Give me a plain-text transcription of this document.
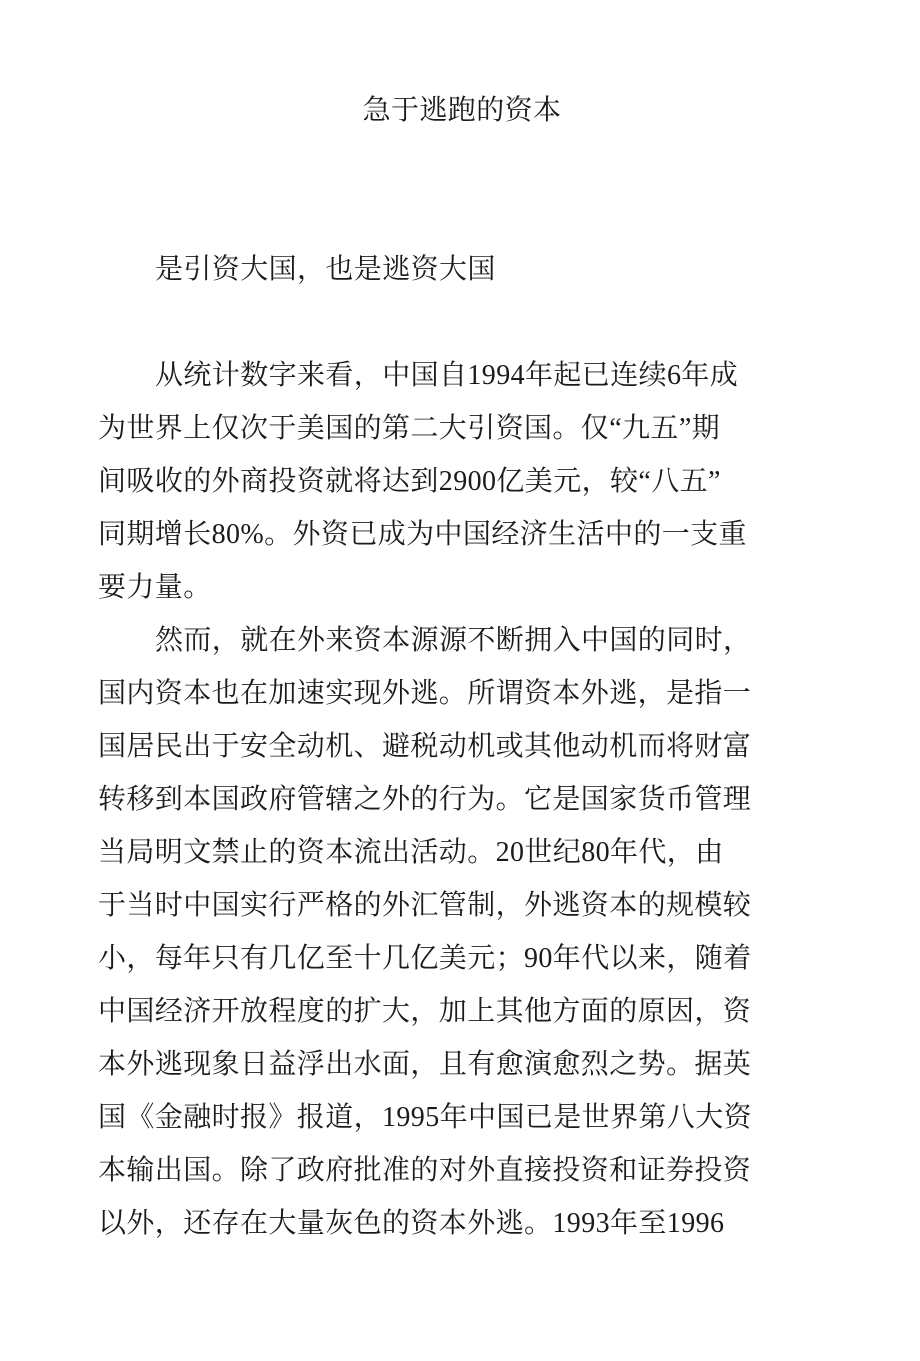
急于逃跑的资本
是引资大国，也是逃资大国
从统计数字来看，中国自1994年起已连续6年成
为世界上仅次于美国的第二大引资国。仅“九五”期
间吸收的外商投资就将达到2900亿美元，较“八五”
同期增长80%。外资已成为中国经济生活中的一支重
要力量。
然而，就在外来资本源源不断拥入中国的同时，
国内资本也在加速实现外逃。所谓资本外逃，是指一
国居民出于安全动机、避税动机或其他动机而将财富
转移到本国政府管辖之外的行为。它是国家货币管理
当局明文禁止的资本流出活动。20世纪80年代，由
于当时中国实行严格的外汇管制，外逃资本的规模较
小，每年只有几亿至十几亿美元；90年代以来，随着
中国经济开放程度的扩大，加上其他方面的原因，资
本外逃现象日益浮出水面，且有愈演愈烈之势。据英
国《金融时报》报道，1995年中国已是世界第八大资
本输出国。除了政府批准的对外直接投资和证券投资
以外，还存在大量灰色的资本外逃。1993年至1996
